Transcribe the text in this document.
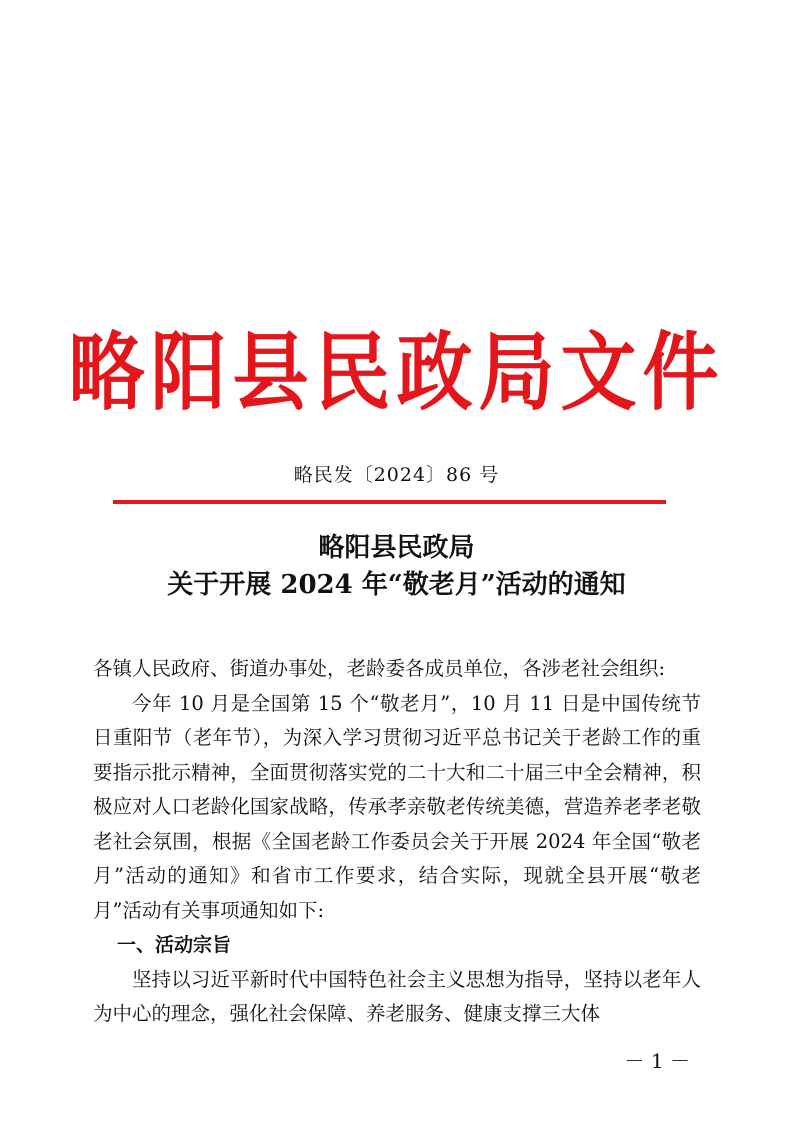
略阳县民政局文件
略民发〔2024〕86 号
略阳县民政局
关于开展 2024 年“敬老月”活动的通知

各镇人民政府、街道办事处，老龄委各成员单位，各涉老社会组织:

今年 10 月是全国第 15 个“敬老月”，10 月 11 日是中国传统节日重阳节（老年节），为深入学习贯彻习近平总书记关于老龄工作的重要指示批示精神，全面贯彻落实党的二十大和二十届三中全会精神，积极应对人口老龄化国家战略，传承孝亲敬老传统美德，营造养老孝老敬老社会氛围，根据《全国老龄工作委员会关于开展 2024 年全国“敬老月”活动的通知》和省市工作要求，结合实际，现就全县开展“敬老月”活动有关事项通知如下:

一、活动宗旨

坚持以习近平新时代中国特色社会主义思想为指导，坚持以老年人为中心的理念，强化社会保障、养老服务、健康支撑三大体

－ 1 －
